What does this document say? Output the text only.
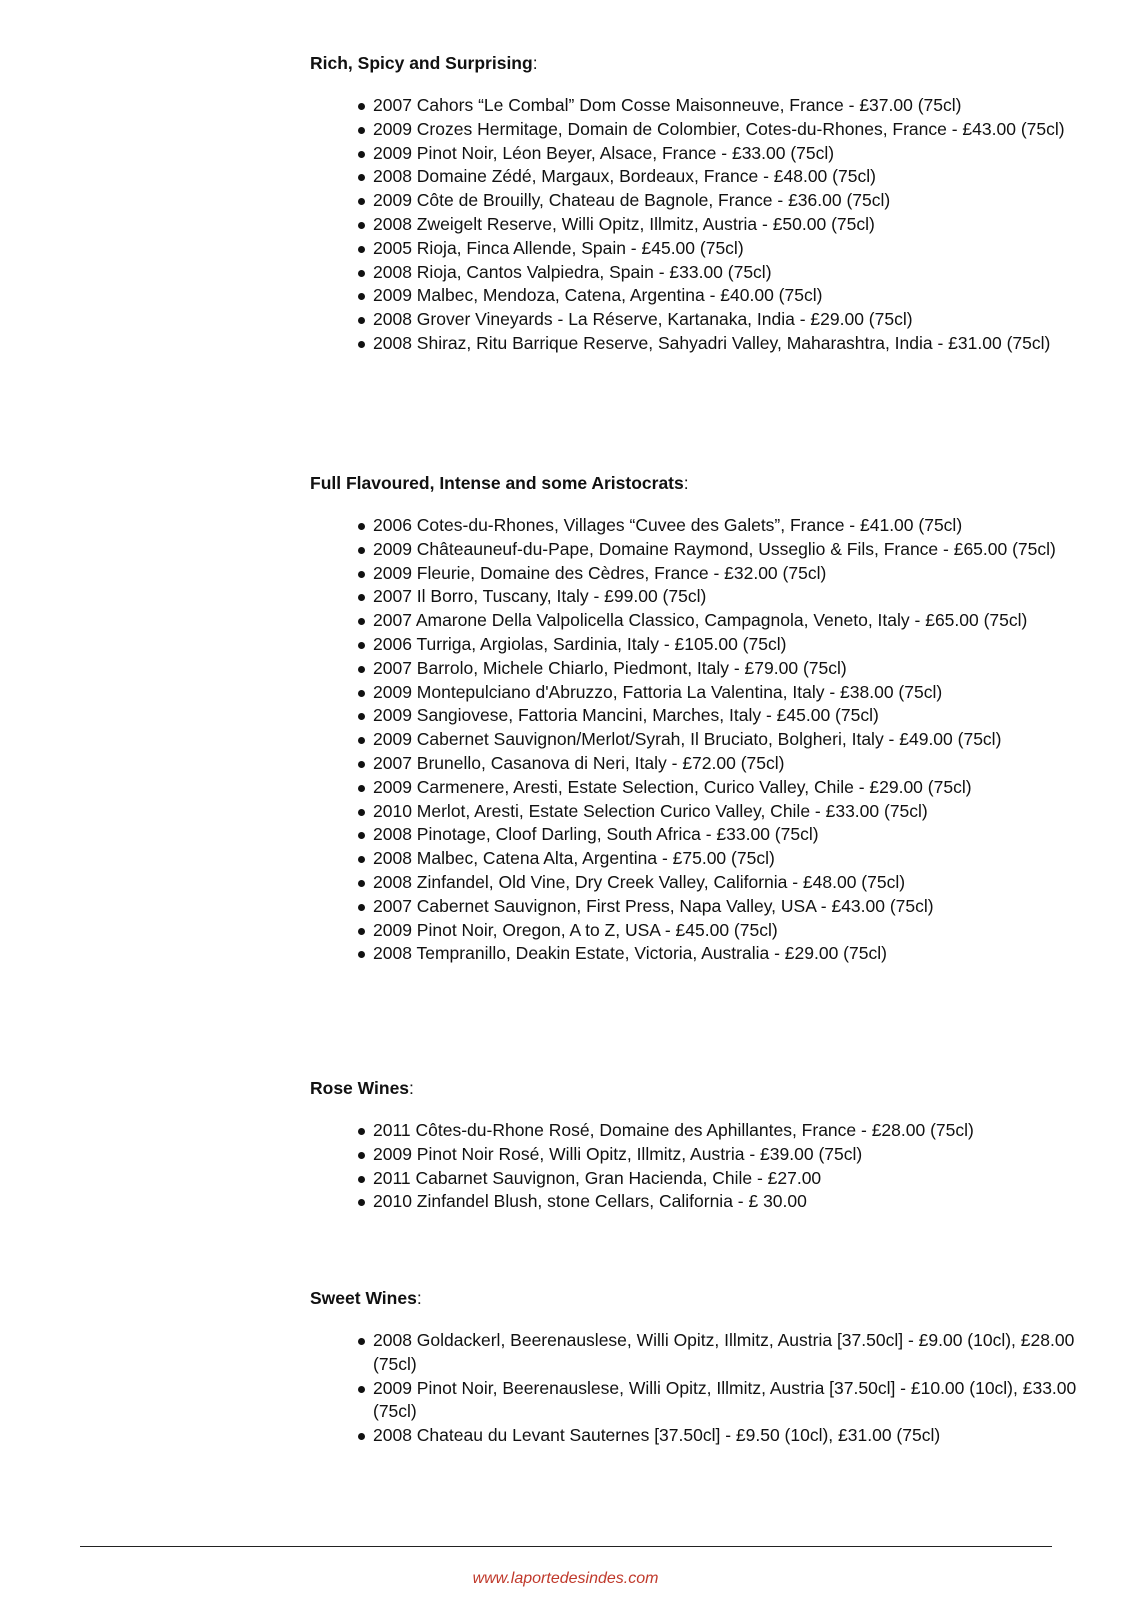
Rich, Spicy and Surprising:
2007 Cahors “Le Combal” Dom Cosse Maisonneuve, France - £37.00 (75cl)
2009 Crozes Hermitage, Domain de Colombier, Cotes-du-Rhones, France - £43.00 (75cl)
2009 Pinot Noir, Léon Beyer, Alsace, France - £33.00 (75cl)
2008 Domaine Zédé, Margaux, Bordeaux, France - £48.00 (75cl)
2009 Côte de Brouilly, Chateau de Bagnole, France - £36.00 (75cl)
2008 Zweigelt Reserve, Willi Opitz, Illmitz, Austria - £50.00 (75cl)
2005 Rioja, Finca Allende, Spain - £45.00 (75cl)
2008 Rioja, Cantos Valpiedra, Spain - £33.00 (75cl)
2009 Malbec, Mendoza, Catena, Argentina - £40.00 (75cl)
2008 Grover Vineyards - La Réserve, Kartanaka, India - £29.00 (75cl)
2008 Shiraz, Ritu Barrique Reserve, Sahyadri Valley, Maharashtra, India - £31.00 (75cl)
Full Flavoured, Intense and some Aristocrats:
2006 Cotes-du-Rhones, Villages “Cuvee des Galets”, France - £41.00 (75cl)
2009 Châteauneuf-du-Pape, Domaine Raymond, Usseglio & Fils, France - £65.00 (75cl)
2009 Fleurie, Domaine des Cèdres, France - £32.00 (75cl)
2007 Il Borro, Tuscany, Italy - £99.00 (75cl)
2007 Amarone Della Valpolicella Classico, Campagnola, Veneto, Italy - £65.00 (75cl)
2006 Turriga, Argiolas, Sardinia, Italy - £105.00 (75cl)
2007 Barrolo, Michele Chiarlo, Piedmont, Italy - £79.00 (75cl)
2009 Montepulciano d'Abruzzo, Fattoria La Valentina, Italy - £38.00 (75cl)
2009 Sangiovese, Fattoria Mancini, Marches, Italy - £45.00 (75cl)
2009 Cabernet Sauvignon/Merlot/Syrah, Il Bruciato, Bolgheri, Italy - £49.00 (75cl)
2007 Brunello, Casanova di Neri, Italy - £72.00 (75cl)
2009 Carmenere, Aresti, Estate Selection, Curico Valley, Chile - £29.00 (75cl)
2010 Merlot, Aresti, Estate Selection Curico Valley, Chile - £33.00 (75cl)
2008 Pinotage, Cloof Darling, South Africa - £33.00 (75cl)
2008 Malbec, Catena Alta, Argentina - £75.00 (75cl)
2008 Zinfandel, Old Vine, Dry Creek Valley, California - £48.00 (75cl)
2007 Cabernet Sauvignon, First Press, Napa Valley, USA - £43.00 (75cl)
2009 Pinot Noir, Oregon, A to Z, USA - £45.00 (75cl)
2008 Tempranillo, Deakin Estate, Victoria, Australia - £29.00 (75cl)
Rose Wines:
2011 Côtes-du-Rhone Rosé, Domaine des Aphillantes, France - £28.00 (75cl)
2009 Pinot Noir Rosé, Willi Opitz, Illmitz, Austria - £39.00 (75cl)
2011 Cabarnet Sauvignon, Gran Hacienda, Chile - £27.00
2010 Zinfandel Blush, stone Cellars, California - £ 30.00
Sweet Wines:
2008 Goldackerl, Beerenauslese, Willi Opitz, Illmitz, Austria [37.50cl] - £9.00 (10cl), £28.00 (75cl)
2009 Pinot Noir, Beerenauslese, Willi Opitz, Illmitz, Austria [37.50cl] - £10.00 (10cl), £33.00 (75cl)
2008 Chateau du Levant Sauternes [37.50cl] - £9.50 (10cl), £31.00 (75cl)
www.laportedesindes.com
